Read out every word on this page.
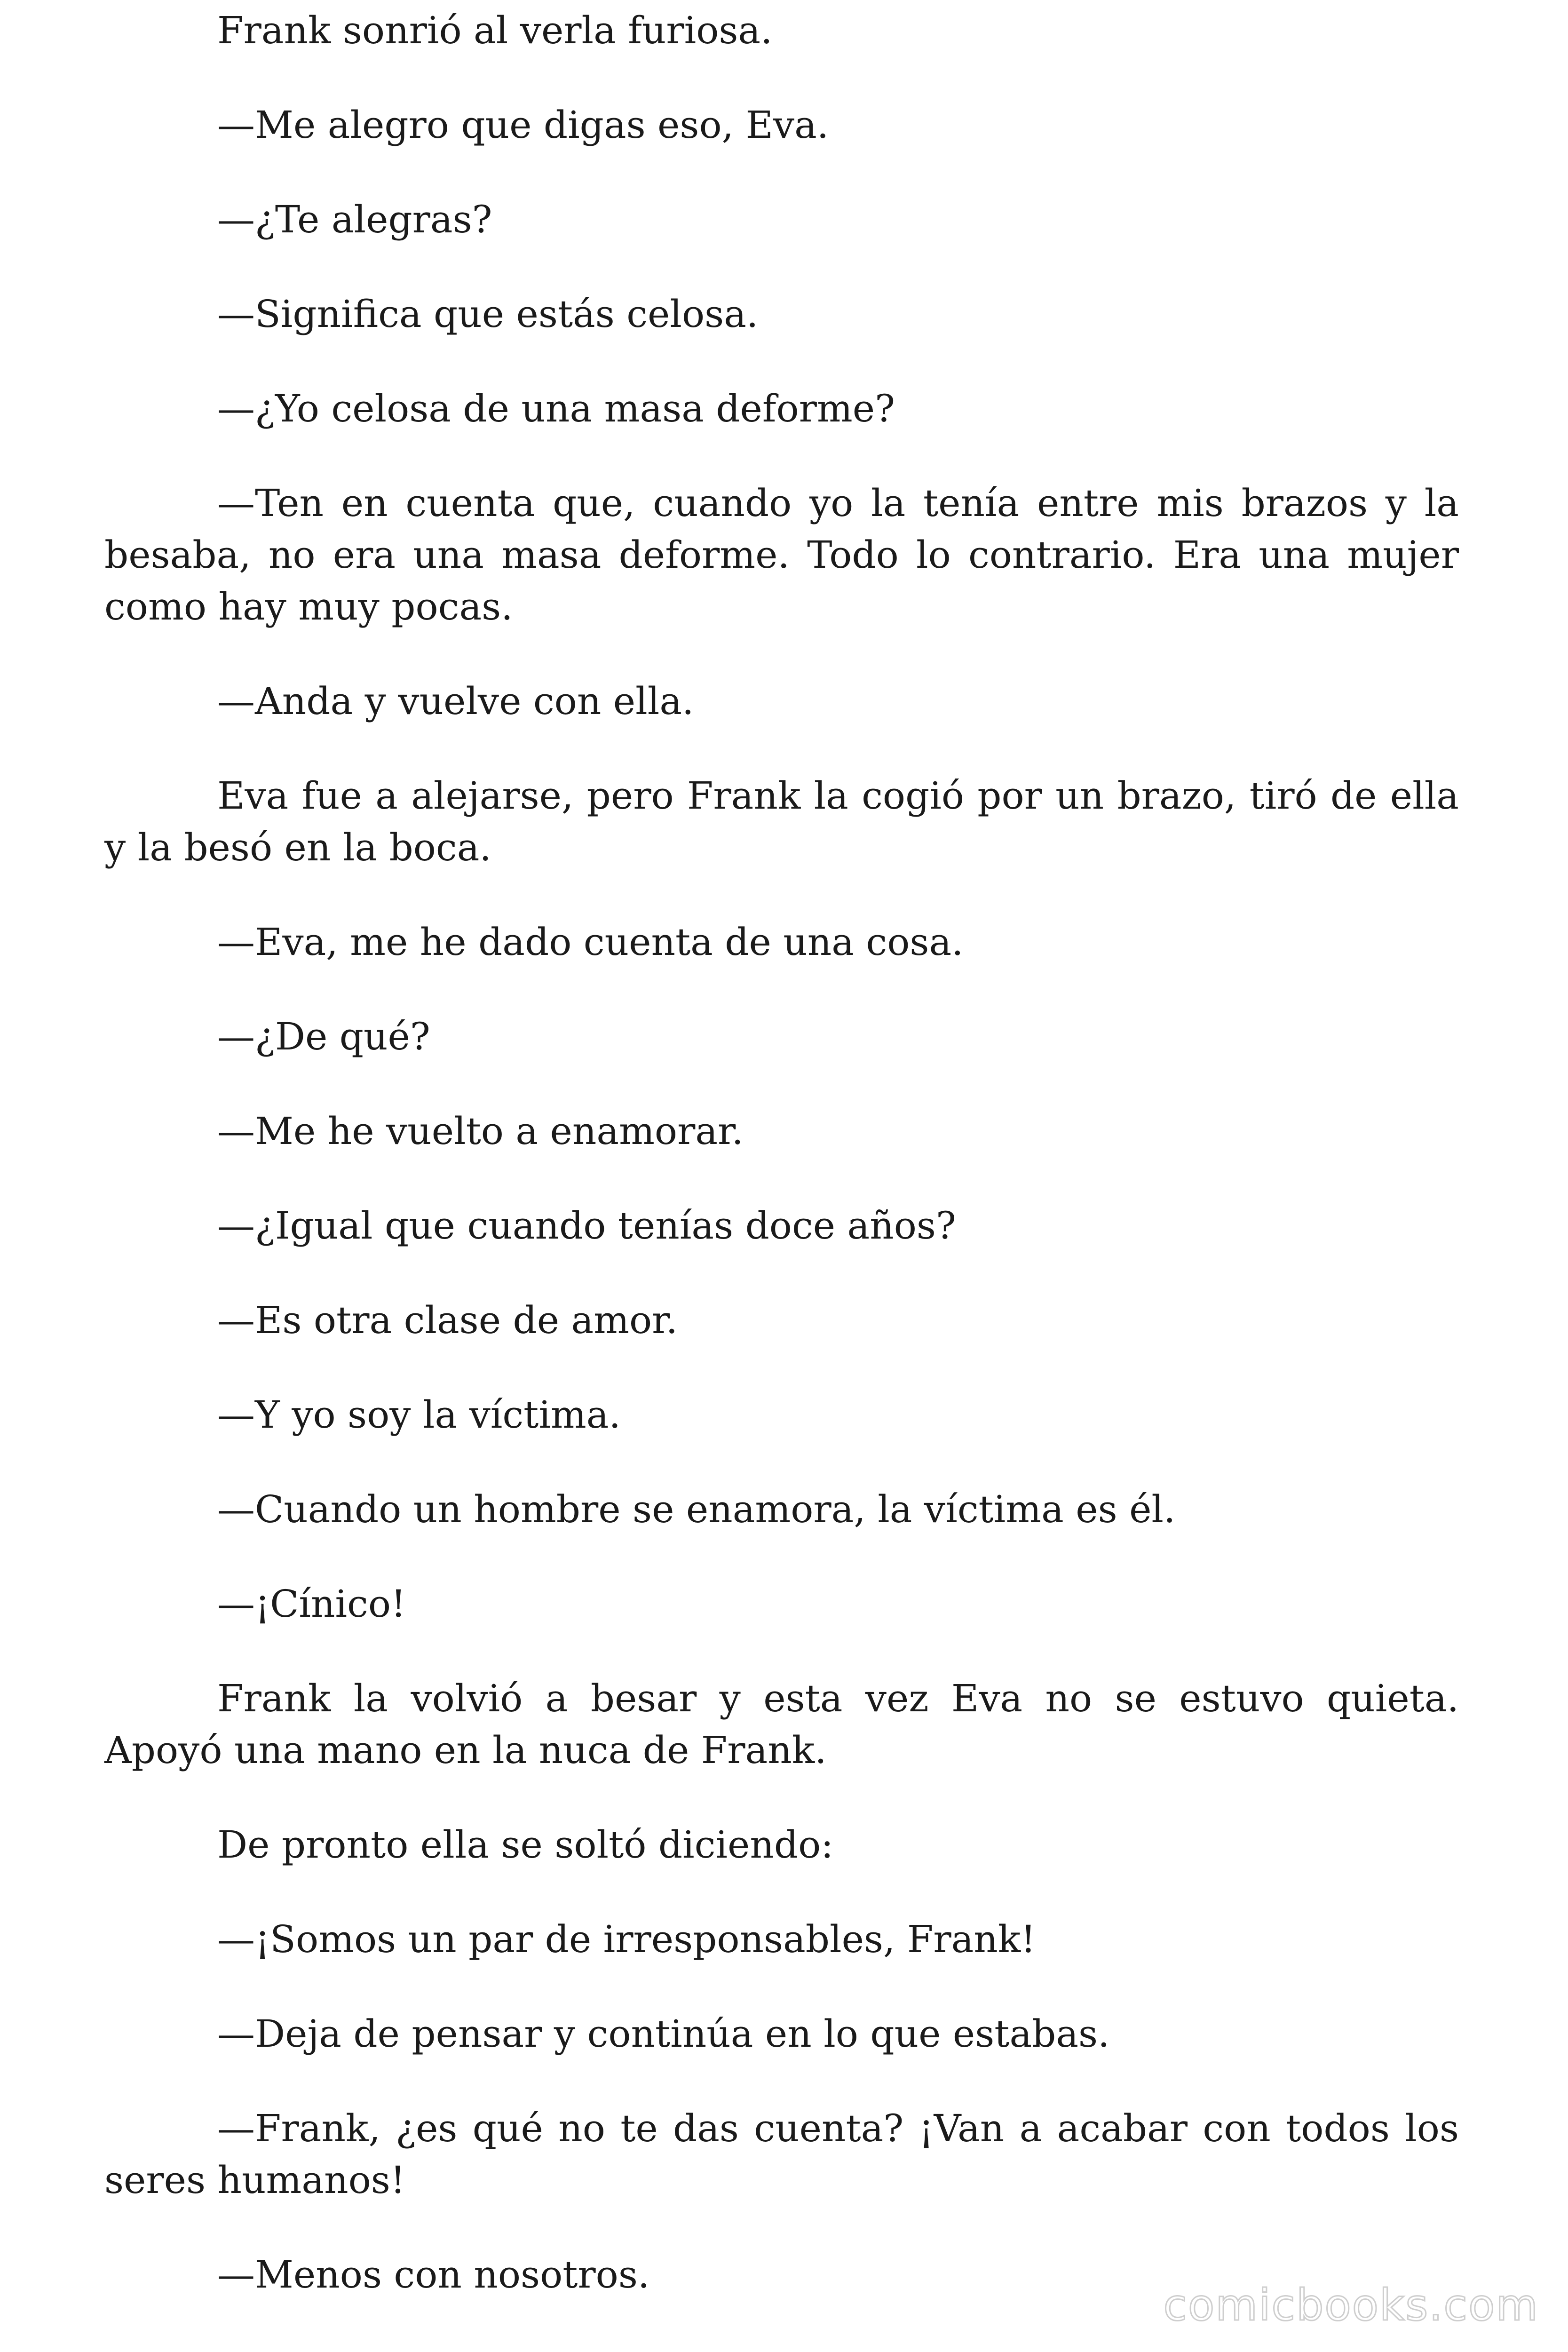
Frank sonrió al verla furiosa.

—Me alegro que digas eso, Eva.

—¿Te alegras?

—Significa que estás celosa.

—¿Yo celosa de una masa deforme?

—Ten en cuenta que, cuando yo la tenía entre mis brazos y la besaba, no era una masa deforme. Todo lo contrario. Era una mujer como hay muy pocas.

—Anda y vuelve con ella.

Eva fue a alejarse, pero Frank la cogió por un brazo, tiró de ella y la besó en la boca.

—Eva, me he dado cuenta de una cosa.

—¿De qué?

—Me he vuelto a enamorar.

—¿Igual que cuando tenías doce años?

—Es otra clase de amor.

—Y yo soy la víctima.

—Cuando un hombre se enamora, la víctima es él.

—¡Cínico!

Frank la volvió a besar y esta vez Eva no se estuvo quieta. Apoyó una mano en la nuca de Frank.

De pronto ella se soltó diciendo:

—¡Somos un par de irresponsables, Frank!

—Deja de pensar y continúa en lo que estabas.

—Frank, ¿es qué no te das cuenta? ¡Van a acabar con todos los seres humanos!

—Menos con nosotros.

comicbooks.com
